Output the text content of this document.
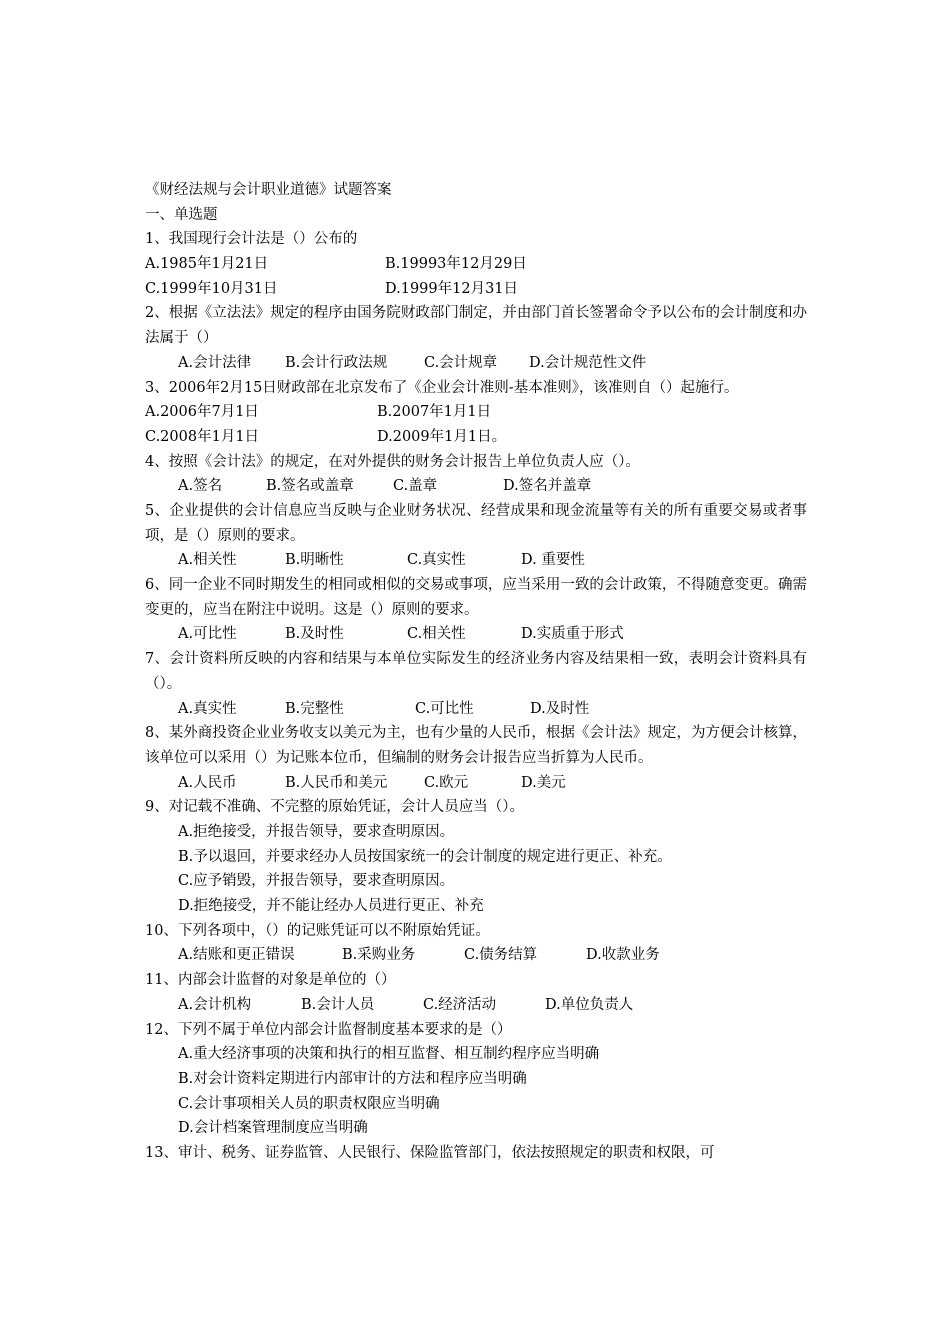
《财经法规与会计职业道德》试题答案
一、单选题
1、我国现行会计法是（）公布的
A.1985年1月21日	B.19993年12月29日
C.1999年10月31日	D.1999年12月31日
2、根据《立法法》规定的程序由国务院财政部门制定，并由部门首长签署命令予以公布的会计制度和办法属于（）
A.会计法律	B.会计行政法规	C.会计规章	D.会计规范性文件
3、2006年2月15日财政部在北京发布了《企业会计准则-基本准则》，该准则自（）起施行。
A.2006年7月1日	B.2007年1月1日
C.2008年1月1日	D.2009年1月1日。
4、按照《会计法》的规定，在对外提供的财务会计报告上单位负责人应（）。
A.签名	B.签名或盖章	C.盖章	D.签名并盖章
5、企业提供的会计信息应当反映与企业财务状况、经营成果和现金流量等有关的所有重要交易或者事项，是（）原则的要求。
A.相关性	B.明晰性	C.真实性	D. 重要性
6、同一企业不同时期发生的相同或相似的交易或事项，应当采用一致的会计政策，不得随意变更。确需变更的，应当在附注中说明。这是（）原则的要求。
A.可比性	B.及时性	C.相关性	D.实质重于形式
7、会计资料所反映的内容和结果与本单位实际发生的经济业务内容及结果相一致，表明会计资料具有（）。
A.真实性	B.完整性	C.可比性	D.及时性
8、某外商投资企业业务收支以美元为主，也有少量的人民币，根据《会计法》规定，为方便会计核算，该单位可以采用（）为记账本位币，但编制的财务会计报告应当折算为人民币。
A.人民币	B.人民币和美元	C.欧元	D.美元
9、对记载不准确、不完整的原始凭证，会计人员应当（）。
A.拒绝接受，并报告领导，要求查明原因。
B.予以退回，并要求经办人员按国家统一的会计制度的规定进行更正、补充。
C.应予销毁，并报告领导，要求查明原因。
D.拒绝接受，并不能让经办人员进行更正、补充
10、下列各项中，（）的记账凭证可以不附原始凭证。
A.结账和更正错误	B.采购业务	C.债务结算	D.收款业务
11、内部会计监督的对象是单位的（）
A.会计机构	B.会计人员	C.经济活动	D.单位负责人
12、下列不属于单位内部会计监督制度基本要求的是（）
A.重大经济事项的决策和执行的相互监督、相互制约程序应当明确
B.对会计资料定期进行内部审计的方法和程序应当明确
C.会计事项相关人员的职责权限应当明确
D.会计档案管理制度应当明确
13、审计、税务、证券监管、人民银行、保险监管部门，依法按照规定的职责和权限，可
